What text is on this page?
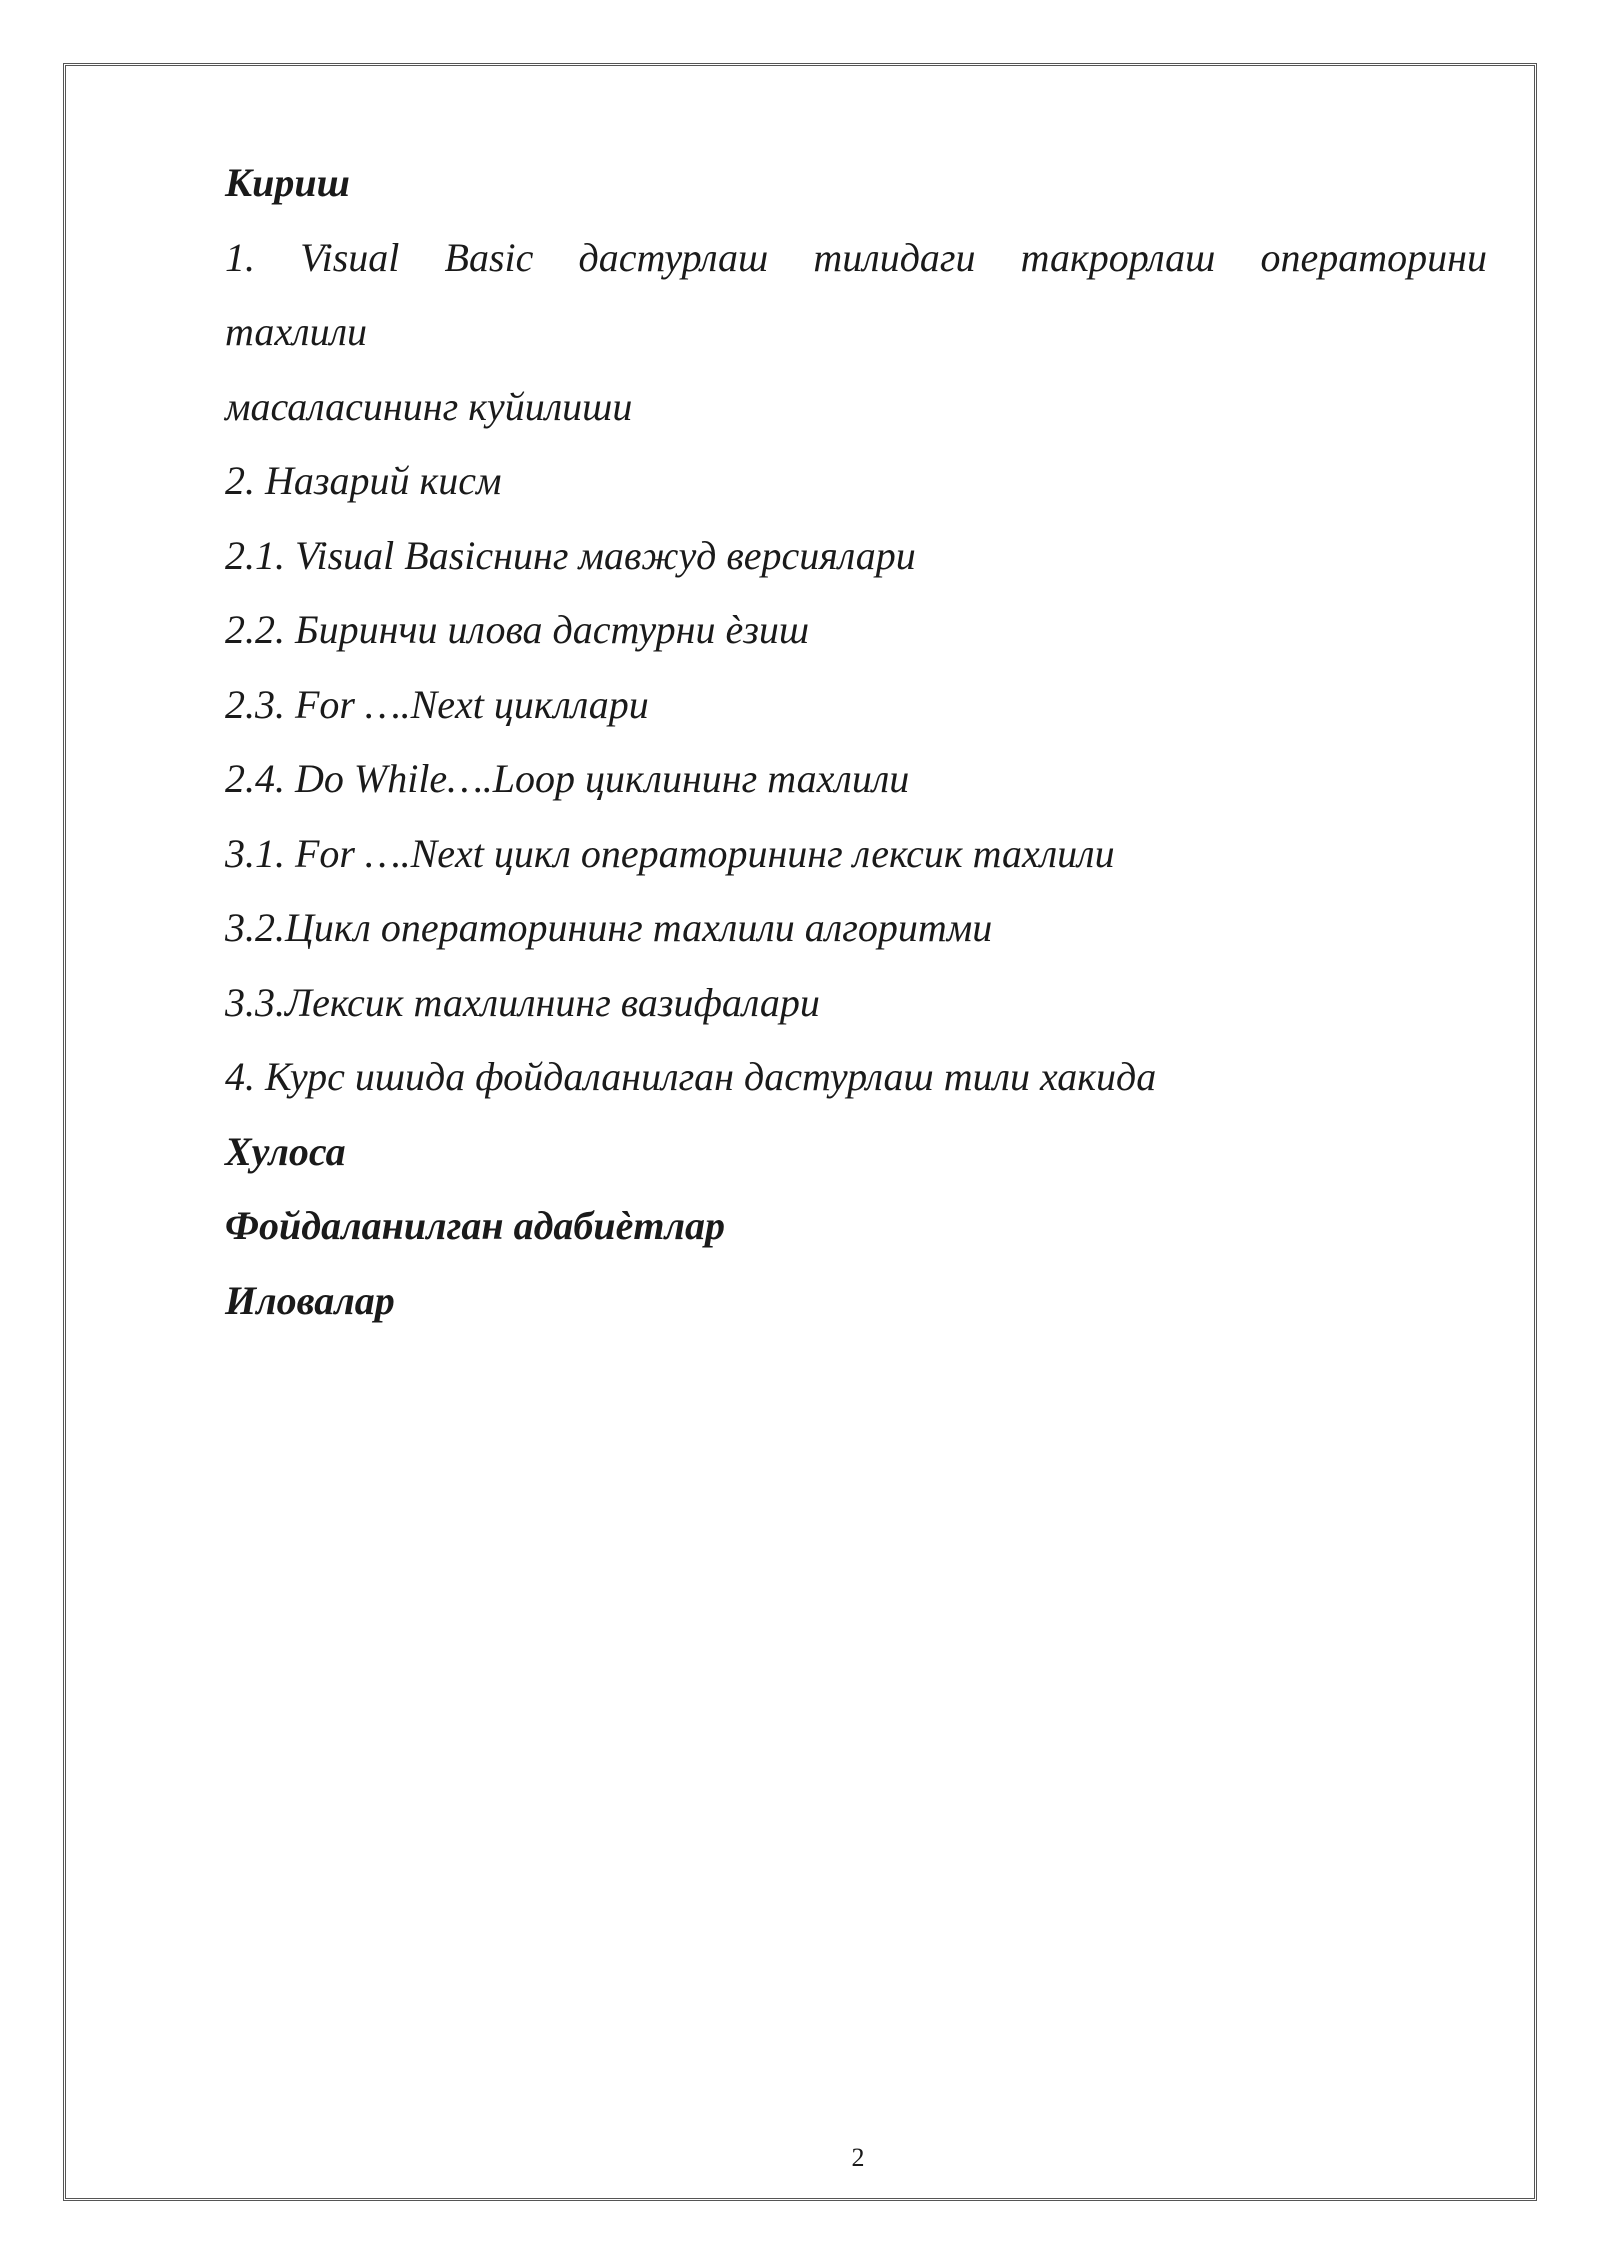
Кириш

1. Visual Basic дастурлаш тилидаги такрорлаш операторини

тахлили

масаласининг куйилиши

2. Назарий кисм

2.1. Visual Basicнинг мавжуд версиялари

2.2. Биринчи илова дастурни ѐзиш

2.3. For ….Next цикллари

2.4. Do While….Loop циклининг тахлили

3.1. For ….Next цикл операторининг лексик тахлили

3.2.Цикл операторининг тахлили алгоритми

3.3.Лексик тахлилнинг вазифалари

4. Курс ишида фойдаланилган дастурлаш тили хакида

Хулоса

Фойдаланилган адабиѐтлар

Иловалар

2
